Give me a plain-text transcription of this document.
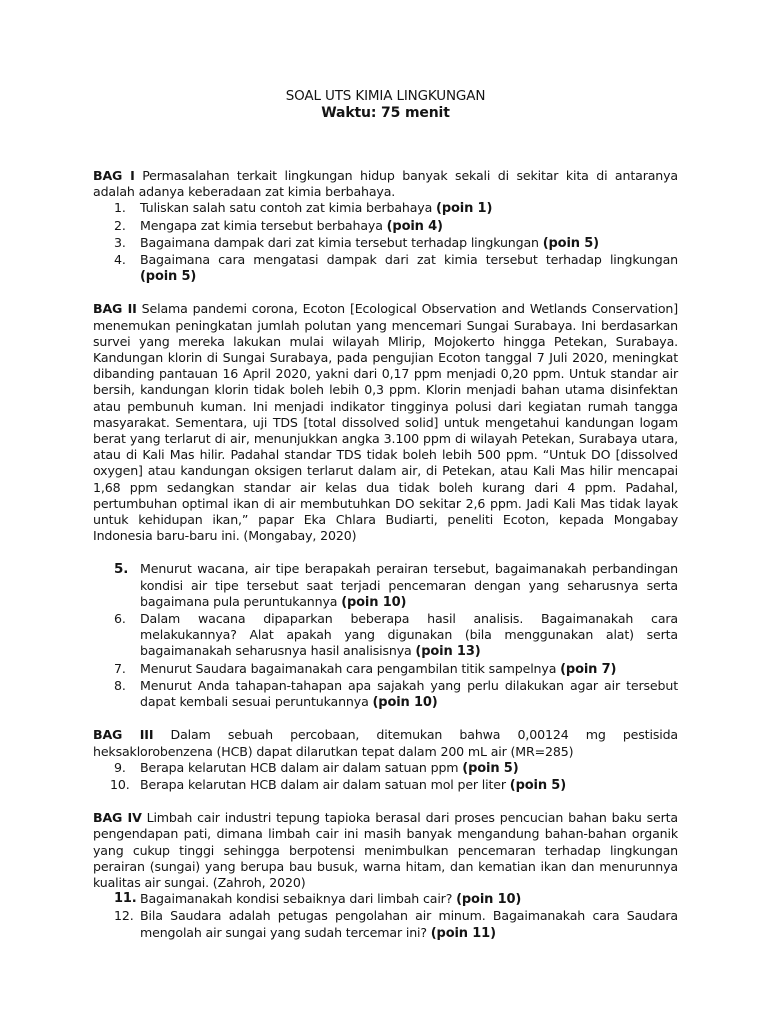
SOAL UTS KIMIA LINGKUNGAN

Waktu: 75 menit

BAG I Permasalahan terkait lingkungan hidup banyak sekali di sekitar kita di antaranya adalah adanya keberadaan zat kimia berbahaya.

1.	Tuliskan salah satu contoh zat kimia berbahaya (poin 1)
2.	Mengapa zat kimia tersebut berbahaya (poin 4)
3.	Bagaimana dampak dari zat kimia tersebut terhadap lingkungan (poin 5)
4.	Bagaimana cara mengatasi dampak dari zat kimia tersebut terhadap lingkungan (poin 5)

BAG II Selama pandemi corona, Ecoton [Ecological Observation and Wetlands Conservation] menemukan peningkatan jumlah polutan yang mencemari Sungai Surabaya. Ini berdasarkan survei yang mereka lakukan mulai wilayah Mlirip, Mojokerto hingga Petekan, Surabaya. Kandungan klorin di Sungai Surabaya, pada pengujian Ecoton tanggal 7 Juli 2020, meningkat dibanding pantauan 16 April 2020, yakni dari 0,17 ppm menjadi 0,20 ppm. Untuk standar air bersih, kandungan klorin tidak boleh lebih 0,3 ppm. Klorin menjadi bahan utama disinfektan atau pembunuh kuman. Ini menjadi indikator tingginya polusi dari kegiatan rumah tangga masyarakat. Sementara, uji TDS [total dissolved solid] untuk mengetahui kandungan logam berat yang terlarut di air, menunjukkan angka 3.100 ppm di wilayah Petekan, Surabaya utara, atau di Kali Mas hilir. Padahal standar TDS tidak boleh lebih 500 ppm. “Untuk DO [dissolved oxygen] atau kandungan oksigen terlarut dalam air, di Petekan, atau Kali Mas hilir mencapai 1,68 ppm sedangkan standar air kelas dua tidak boleh kurang dari 4 ppm. Padahal, pertumbuhan optimal ikan di air membutuhkan DO sekitar 2,6 ppm. Jadi Kali Mas tidak layak untuk kehidupan ikan,” papar Eka Chlara Budiarti, peneliti Ecoton, kepada Mongabay Indonesia baru-baru ini. (Mongabay, 2020)

5. Menurut wacana, air tipe berapakah perairan tersebut, bagaimanakah perbandingan kondisi air tipe tersebut saat terjadi pencemaran dengan yang seharusnya serta bagaimana pula peruntukannya (poin 10)
6.	Dalam wacana dipaparkan beberapa hasil analisis. Bagaimanakah cara melakukannya? Alat apakah yang digunakan (bila menggunakan alat) serta bagaimanakah seharusnya hasil analisisnya (poin 13)
7.	Menurut Saudara bagaimanakah cara pengambilan titik sampelnya (poin 7)
8.	Menurut Anda tahapan-tahapan apa sajakah yang perlu dilakukan agar air tersebut dapat kembali sesuai peruntukannya (poin 10)

BAG III Dalam sebuah percobaan, ditemukan bahwa 0,00124 mg pestisida heksaklorobenzena (HCB) dapat dilarutkan tepat dalam 200 mL air (MR=285)

9.	Berapa kelarutan HCB dalam air dalam satuan ppm (poin 5)
10. Berapa kelarutan HCB dalam air dalam satuan mol per liter (poin 5)

BAG IV Limbah cair industri tepung tapioka berasal dari proses pencucian bahan baku serta pengendapan pati, dimana limbah cair ini masih banyak mengandung bahan-bahan organik yang cukup tinggi sehingga berpotensi menimbulkan pencemaran terhadap lingkungan perairan (sungai) yang berupa bau busuk, warna hitam, dan kematian ikan dan menurunnya kualitas air sungai. (Zahroh, 2020)

11. Bagaimanakah kondisi sebaiknya dari limbah cair? (poin 10)
12. Bila Saudara adalah petugas pengolahan air minum. Bagaimanakah cara Saudara mengolah air sungai yang sudah tercemar ini? (poin 11)
